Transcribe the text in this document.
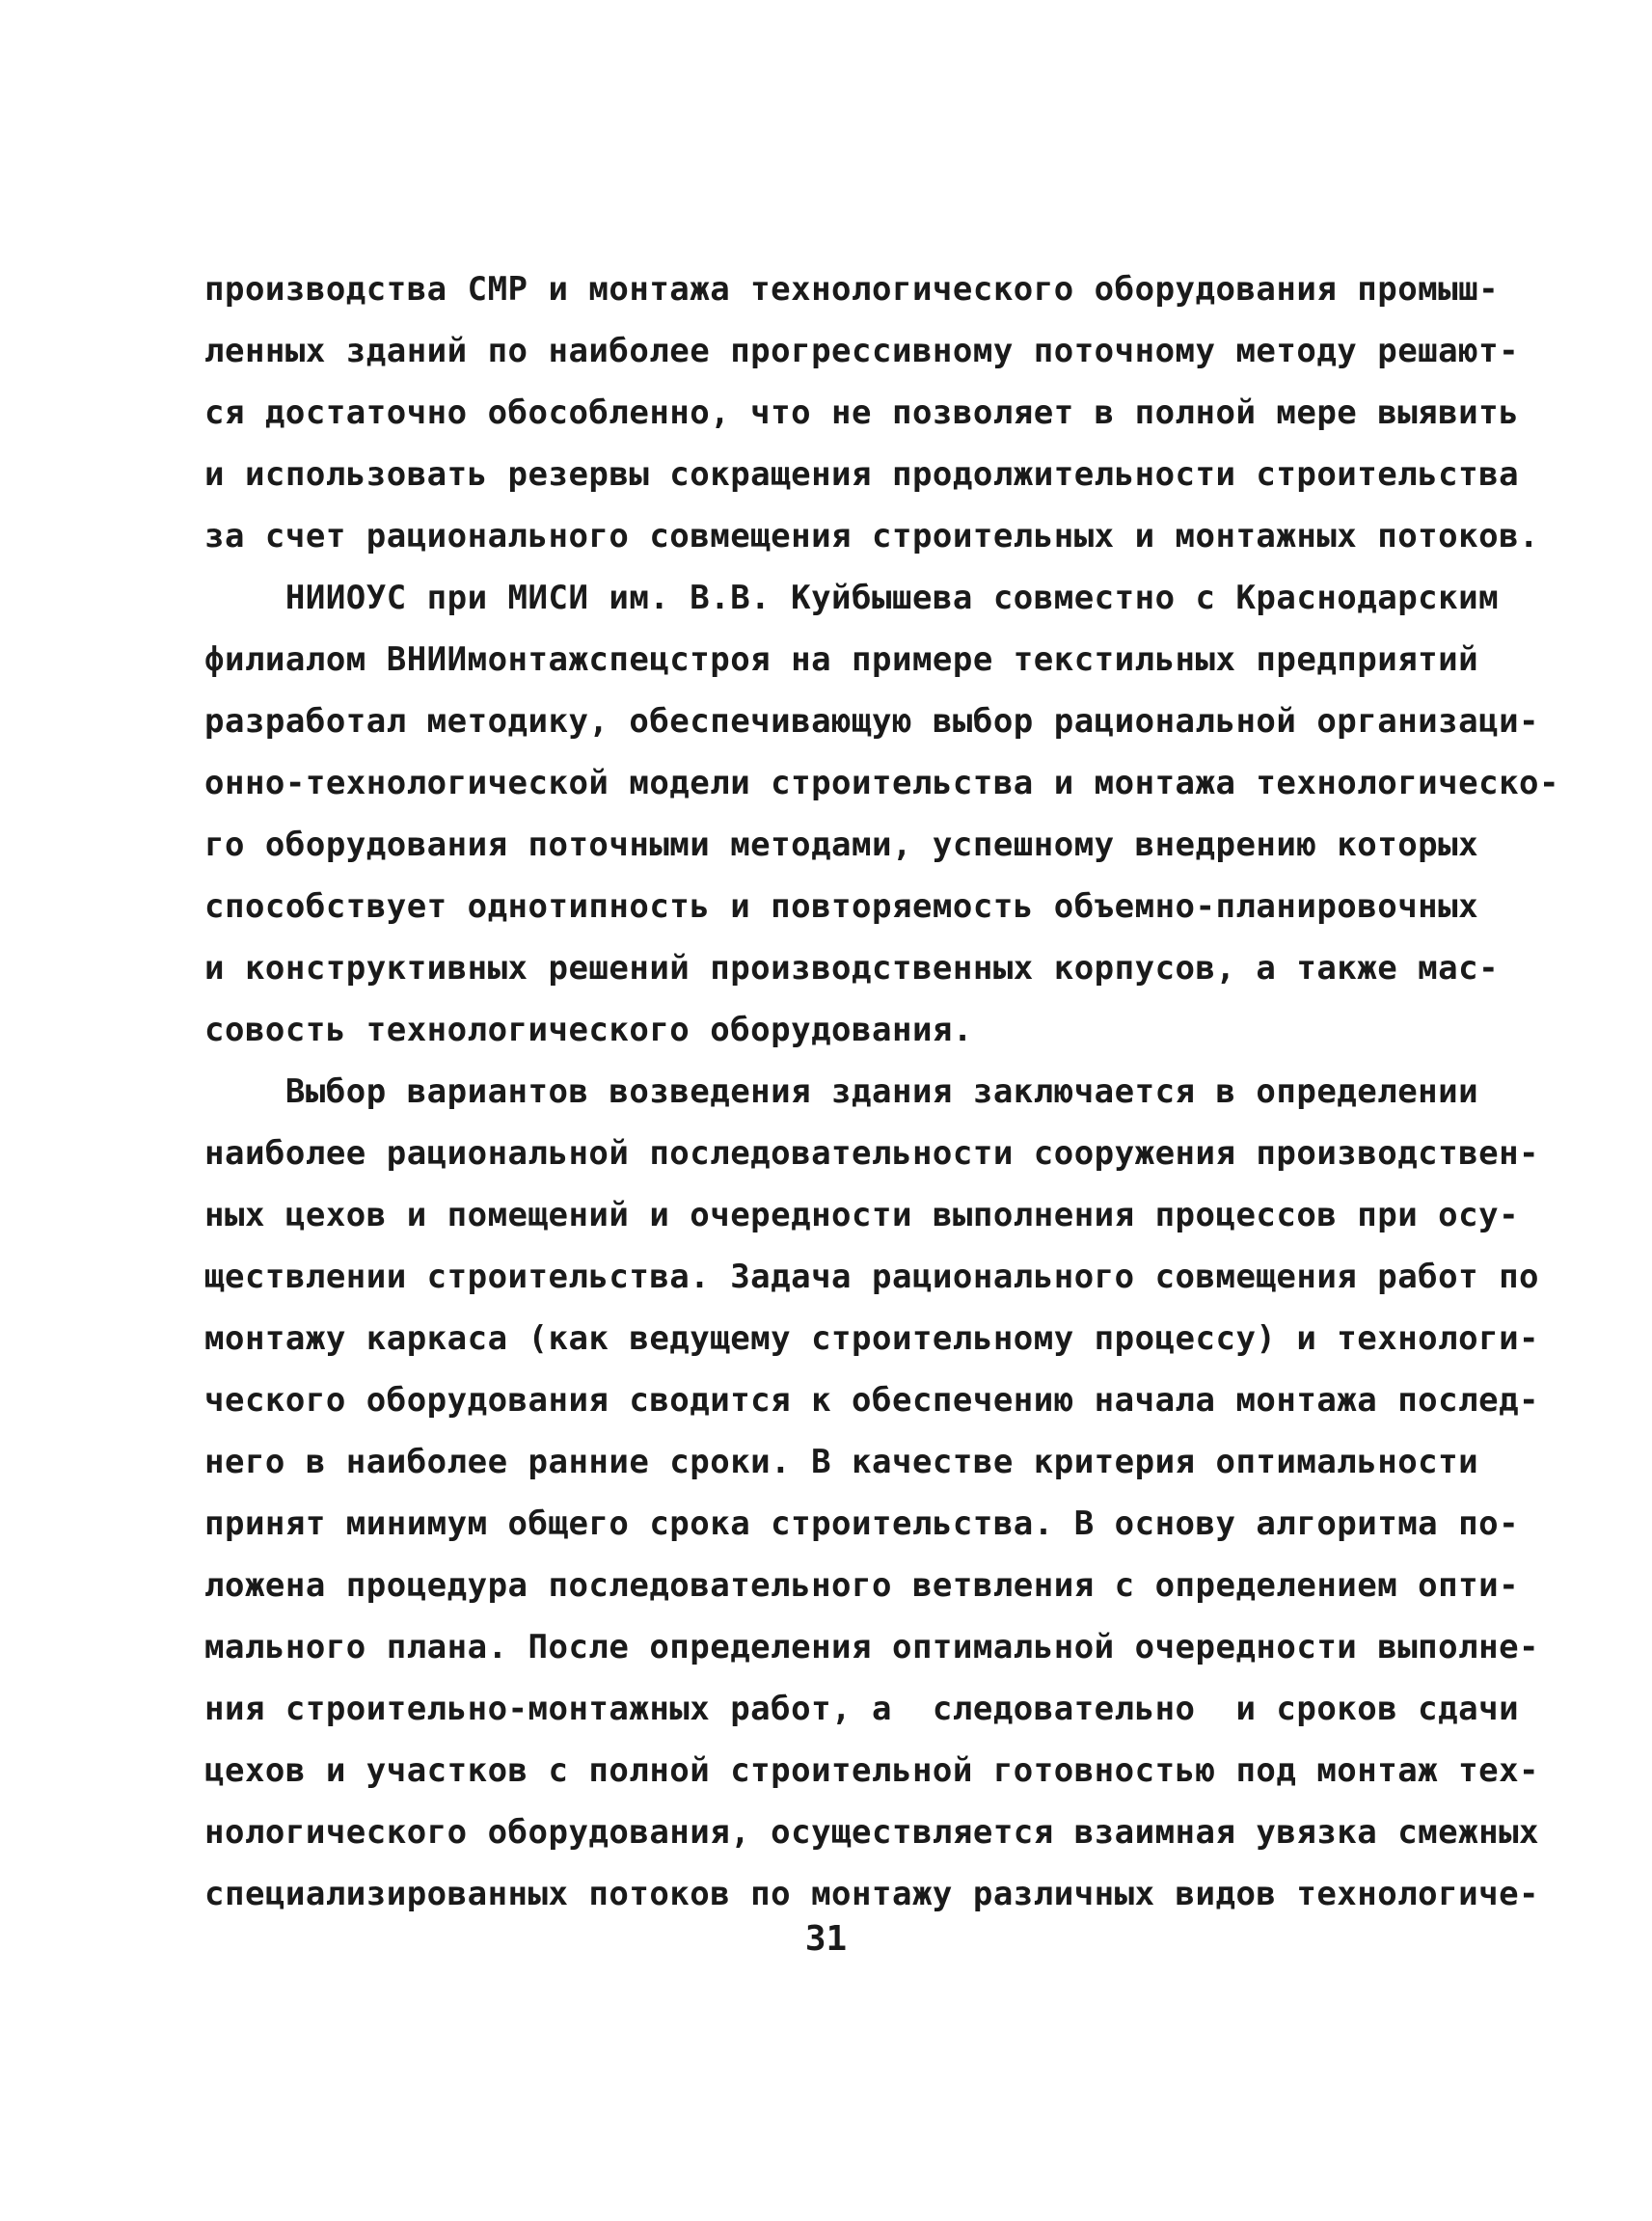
производства СМР и монтажа технологического оборудования промыш-
ленных зданий по наиболее прогрессивному поточному методу решают-
ся достаточно обособленно, что не позволяет в полной мере выявить
и использовать резервы сокращения продолжительности строительства
за счет рационального совмещения строительных и монтажных потоков.
НИИОУС при МИСИ им. В.В. Куйбышева совместно с Краснодарским
филиалом ВНИИмонтажспецстроя на примере текстильных предприятий
разработал методику, обеспечивающую выбор рациональной организаци-
онно-технологической модели строительства и монтажа технологическо-
го оборудования поточными методами, успешному внедрению которых
способствует однотипность и повторяемость объемно-планировочных
и конструктивных решений производственных корпусов, а также мас-
совость технологического оборудования.
Выбор вариантов возведения здания заключается в определении
наиболее рациональной последовательности сооружения производствен-
ных цехов и помещений и очередности выполнения процессов при осу-
ществлении строительства. Задача рационального совмещения работ по
монтажу каркаса (как ведущему строительному процессу) и технологи-
ческого оборудования сводится к обеспечению начала монтажа послед-
него в наиболее ранние сроки. В качестве критерия оптимальности
принят минимум общего срока строительства. В основу алгоритма по-
ложена процедура последовательного ветвления с определением опти-
мального плана. После определения оптимальной очередности выполне-
ния строительно-монтажных работ, а  следовательно  и сроков сдачи
цехов и участков с полной строительной готовностью под монтаж тех-
нологического оборудования, осуществляется взаимная увязка смежных
специализированных потоков по монтажу различных видов технологиче-
31
